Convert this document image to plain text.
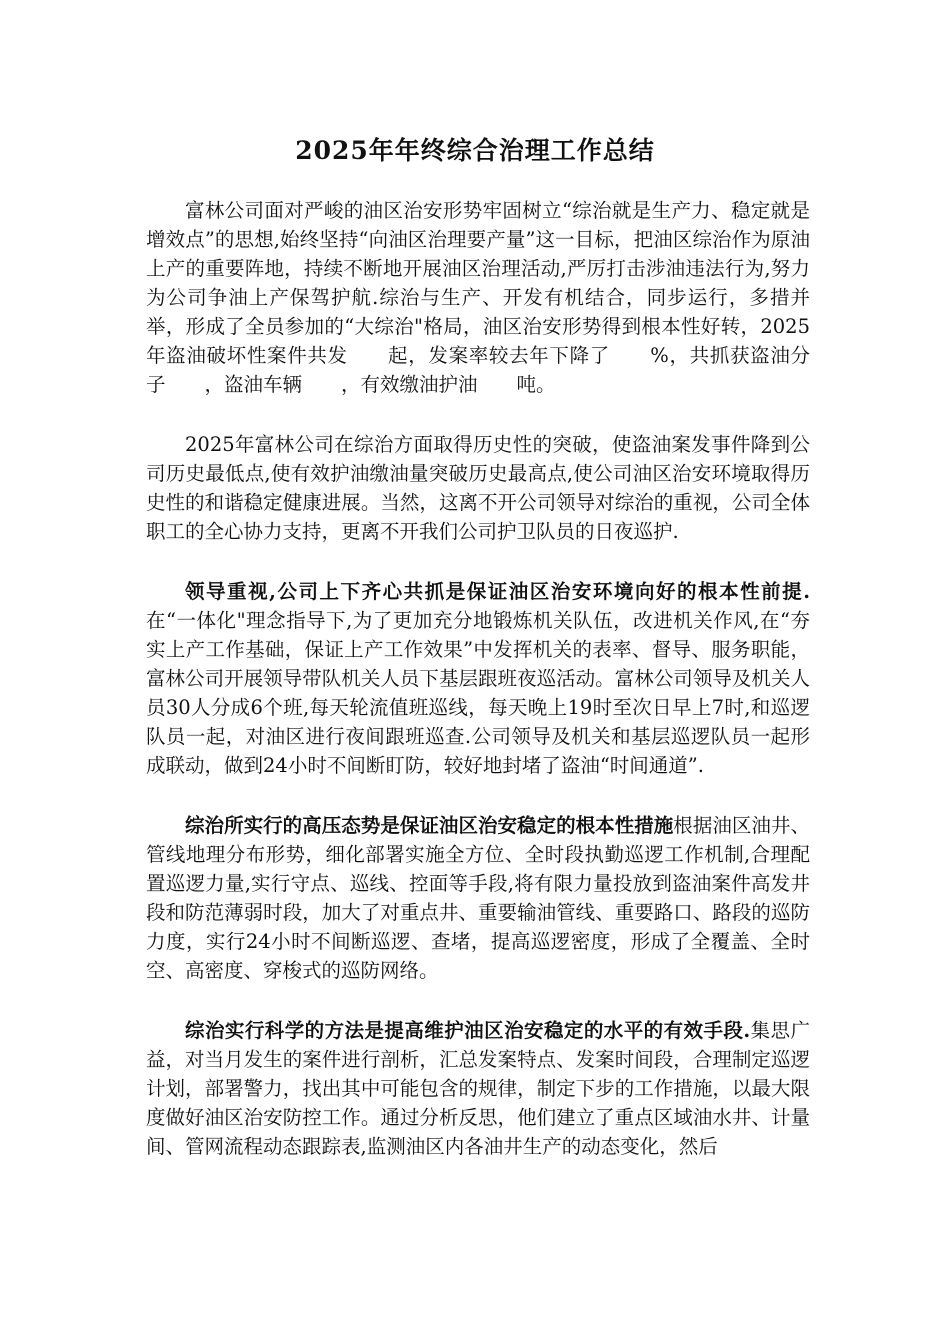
2025年年终综合治理工作总结

富林公司面对严峻的油区治安形势牢固树立“综治就是生产力、稳定就是增效点”的思想,始终坚持“向油区治理要产量”这一目标，把油区综治作为原油上产的重要阵地，持续不断地开展油区治理活动,严厉打击涉油违法行为,努力为公司争油上产保驾护航.综治与生产、开发有机结合，同步运行，多措并举，形成了全员参加的“大综治"格局，油区治安形势得到根本性好转，2025年盗油破坏性案件共发　　起，发案率较去年下降了　　%，共抓获盗油分子　　，盗油车辆　　，有效缴油护油　　吨。

2025年富林公司在综治方面取得历史性的突破，使盗油案发事件降到公司历史最低点,使有效护油缴油量突破历史最高点,使公司油区治安环境取得历史性的和谐稳定健康进展。当然，这离不开公司领导对综治的重视，公司全体职工的全心协力支持，更离不开我们公司护卫队员的日夜巡护.

领导重视,公司上下齐心共抓是保证油区治安环境向好的根本性前提.在“一体化"理念指导下,为了更加充分地锻炼机关队伍，改进机关作风,在“夯实上产工作基础，保证上产工作效果”中发挥机关的表率、督导、服务职能，富林公司开展领导带队机关人员下基层跟班夜巡活动。富林公司领导及机关人员30人分成6个班,每天轮流值班巡线，每天晚上19时至次日早上7时,和巡逻队员一起，对油区进行夜间跟班巡查.公司领导及机关和基层巡逻队员一起形成联动，做到24小时不间断盯防，较好地封堵了盗油“时间通道”.

综治所实行的高压态势是保证油区治安稳定的根本性措施根据油区油井、管线地理分布形势，细化部署实施全方位、全时段执勤巡逻工作机制,合理配置巡逻力量,实行守点、巡线、控面等手段,将有限力量投放到盗油案件高发井段和防范薄弱时段，加大了对重点井、重要输油管线、重要路口、路段的巡防力度，实行24小时不间断巡逻、查堵，提高巡逻密度，形成了全覆盖、全时空、高密度、穿梭式的巡防网络。

综治实行科学的方法是提高维护油区治安稳定的水平的有效手段.集思广益，对当月发生的案件进行剖析，汇总发案特点、发案时间段，合理制定巡逻计划，部署警力，找出其中可能包含的规律，制定下步的工作措施，以最大限度做好油区治安防控工作。通过分析反思，他们建立了重点区域油水井、计量间、管网流程动态跟踪表,监测油区内各油井生产的动态变化，然后
